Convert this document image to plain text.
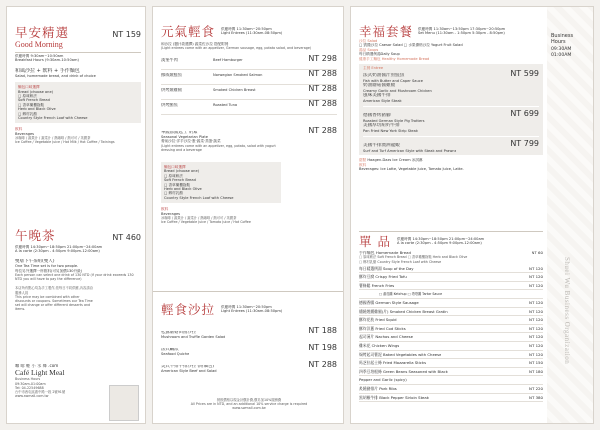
早安精選
Good Morning
NT 159
供應時間 9:30am~10:50am
Breakfast Hours (9:30am-10:50am)
和風沙拉 + 飲料 + 手作麵包
Salad, homemade bread, and drink of choice
麵包口味選擇
Bread (choose one)
□ 原味軟法
Soft French Bread
□ 香草橄欖拖鞋
Herb and Black Olive
□ 鄉村乳酪
Country Style French Loaf with Cheese
飲料
Beverages
冰咖啡 / 蔬果汁 / 蔬菜汁 / 熱咖啡 / 熱可可 / 英國茶
Ice Coffee / Vegetable Juice / Hot Milk / Hot Coffee / Twinings
午晚茶	NT 460
供應時間 14:30pm~18:50pm 21:00pm~24:00am
A la carte (2:30pm - 4:50pm 9:00pm-12:00am)
雙層下午茶組(雙人)
One Tea Time set is for two people.
每位另外選擇一杯飲料(可另加價130升級)
Each person can select one drink of 130 NTD (if your drink exceeds 130 NTD you will have to pay the difference)
本店所有點心均為手工製作,依每日不同供應,內容請洽服務人員
This price may be combined with other discounts or coupons. Sometimes our Tea Time set will change or offer different desserts and items.
咖 啡 輕 小 水 舞 .com
Café Light Meal
Business Hours
09:30am-01:00am
Tel: 04-22549688
台中市西屯區惠中路一段 2號91號
www.swmall.com.tw
元氣輕食 供應時間 11:30am~20:50pm
Light Entrees (11:30am-08:50pm)
和沙拉 (醬汁款選擇) 蔬菜佐沙拉 搭配附餐
(Light entrees come with an appetizer, German sausage, egg, potato salad, and beverage)
漢堡牛肉	Beef Hamburger	NT 298
挪威燻鮭魚	Norwegian Smoked Salmon	NT 288
烘烤燻雞腿	Smoked Chicken Breast	NT 288
烘烤鮪魚	Roasted Tuna	NT 288
華蔬群蔬起士 奶素
Seasonal Vegetarian Plate
NT 288
餐前沙拉·洋芋沙拉·蛋·蔬菜·蒸蛋·蔬菜
(Light entrees come with an appetizer, egg, potato, salad with yogurt dressing and a beverage
麵包口味選擇
Bread (choose one)
□ 原味軟法
Soft French Bread
□ 香草橄欖拖鞋
Herb and Black Olive
□ 鄉村乳酪
Country Style French Loaf with Cheese
飲料
Beverages
冰咖啡 / 蔬果汁 / 蔬菜汁 / 熱咖啡 / 熱可可 / 英國茶
Ice Coffee / Vegetable Juice / Tomato Juice / Hot Coffee
輕食沙拉 供應時間 11:30am~20:50pm
Light Entrees (11:30am-08:50pm)
松露蘑菇田園沙拉
Mushroom and Truffle Garden Salad
NT 188
法式鹹派
Seafood Quiche
NT 198
美式牛排牛排沙拉 (附麵包)
American Style Beef and Salad
NT 288
餐飲價格以現金計價計費,價另加10%服務費
All Prices are in NTD, and an additional 10% service charge is required
www.swmall.com.tw
Shuei Wu Business Organization
Business
Hours
09:30AM
01:00AM
幸福套餐 供應時間 11:30am~13:50pm 17:30pm~20:50pm
Set Menu (11:30am - 1:50pm 5:30pm - 8:50pm)
沙拉 Salad
□ 凱撒沙拉 Caesar Salad □ 水果優格沙拉 Yogurt Fruit Salad
湯品 Soups
每日精選例湯Daily Soup
健康手工麵包 Healthy Homemade Bread
主餐 Entree
法式奶油醬汁煎鮭魚
Fish with Butter and Caper Sauce
奶油蘑菇醬雞腿
Creamy Garlic and Mushroom Chicken
風味美國牛排
American Style Steak
NT 599
德國香烤豬腳
Roasted German Style Pig Trotters
美國厚切紐約牛排
Pan Fried New York Strip Steak
NT 699
美國牛排澳洲龍蝦
Surf and Turf American Style with Steak and Prawns
NT 799
甜點 Haagen-Dazs Ice Cream 冰淇淋
飲料
Beverages: Ice Latte, Vegetable Juice, Tomato Juice, Latte.
單 品 供應時間 14:30pm~18:50pm 21:00pm~24:00am
A la carte (2:30pm - 4:50pm 9:00pm-12:00am)
手作麵包 Homemade Bread	NT 60
□ 原味軟法 Soft French Bread □ 香草橄欖拖鞋 Herb and Black Olive
□ 鄉村乳酪 Country Style French Loaf with Cheese
每日精選例湯 Soup of the Day	NT 120
酥炸豆腐 Crispy Fried Tofu	NT 120
薯條鬆 French Fries	NT 120
□ 番茄醬 Ketchup □ 塔塔醬 Tartar Sauce
德國香腸 German Style Sausage	NT 120
燻燒煙燻雞腿(片) Smoked Chicken Breast Gratin	NT 120
酥炸花枝 Fried Squid	NT 120
酥炸洋蔥 Fried Cod Sticks	NT 120
起司薄片 Nachos and Cheese	NT 120
雞米花 Chicken Wings	NT 120
焗烤起司薯泥 Baked Vegetables with Cheese	NT 120
馬芝拉起士條 Fried Mozzarella Sticks	NT 150
四季豆培根條 Green Beans Seasoned with Black	NT 180
Pepper and Garlic (spicy)
炙燒豬排片 Pork Ribs	NT 220
黑胡椒牛排 Black Pepper Sirloin Steak	NT 380
